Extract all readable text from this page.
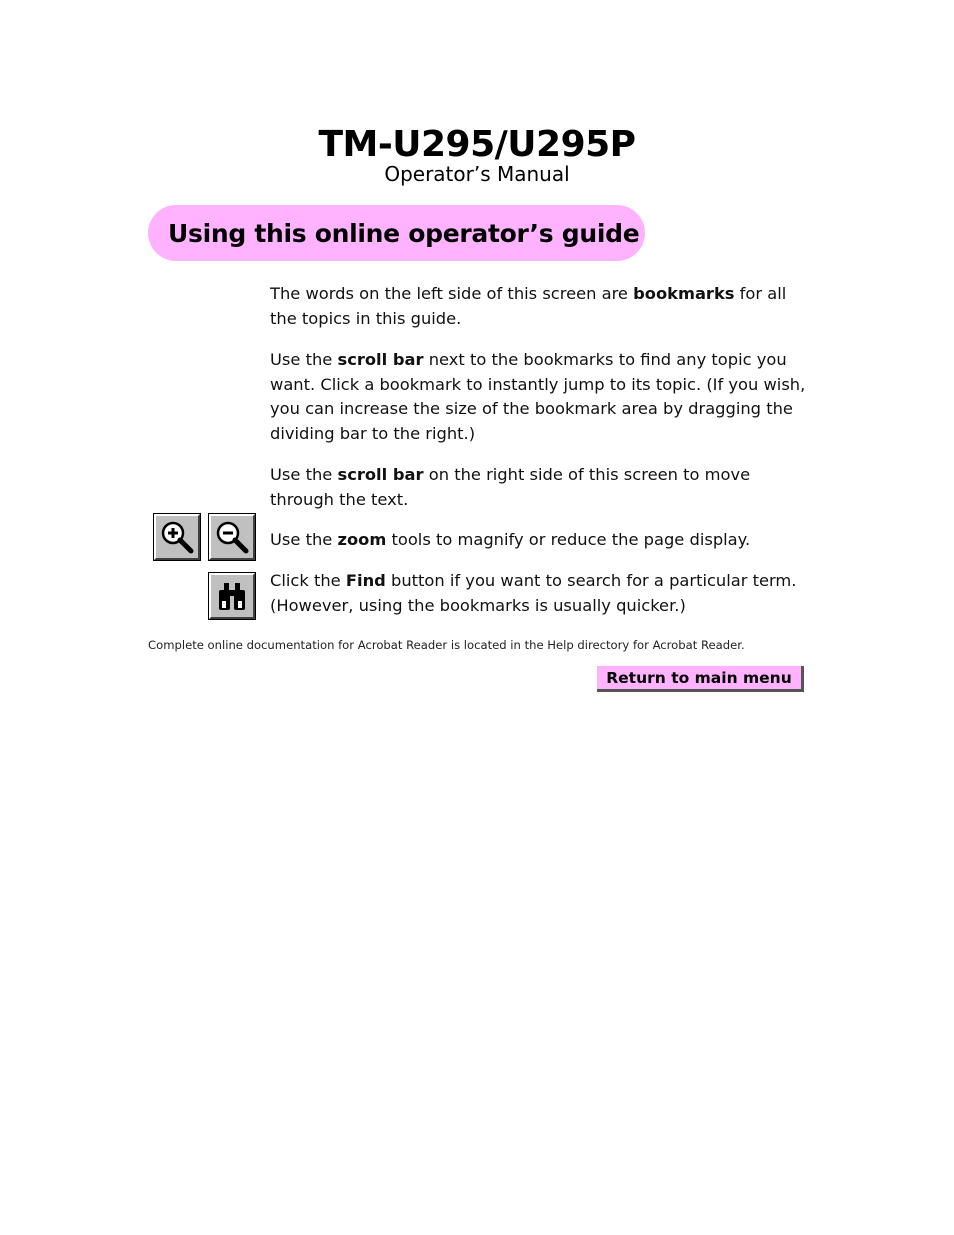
TM-U295/U295P
Operator’s Manual
Using this online operator’s guide

The words on the left side of this screen are bookmarks for all the topics in this guide.

Use the scroll bar next to the bookmarks to find any topic you want. Click a bookmark to instantly jump to its topic. (If you wish, you can increase the size of the bookmark area by dragging the dividing bar to the right.)

Use the scroll bar on the right side of this screen to move through the text.

Use the zoom tools to magnify or reduce the page display.

Click the Find button if you want to search for a particular term. (However, using the bookmarks is usually quicker.)

Complete online documentation for Acrobat Reader is located in the Help directory for Acrobat Reader.
Return to main menu
